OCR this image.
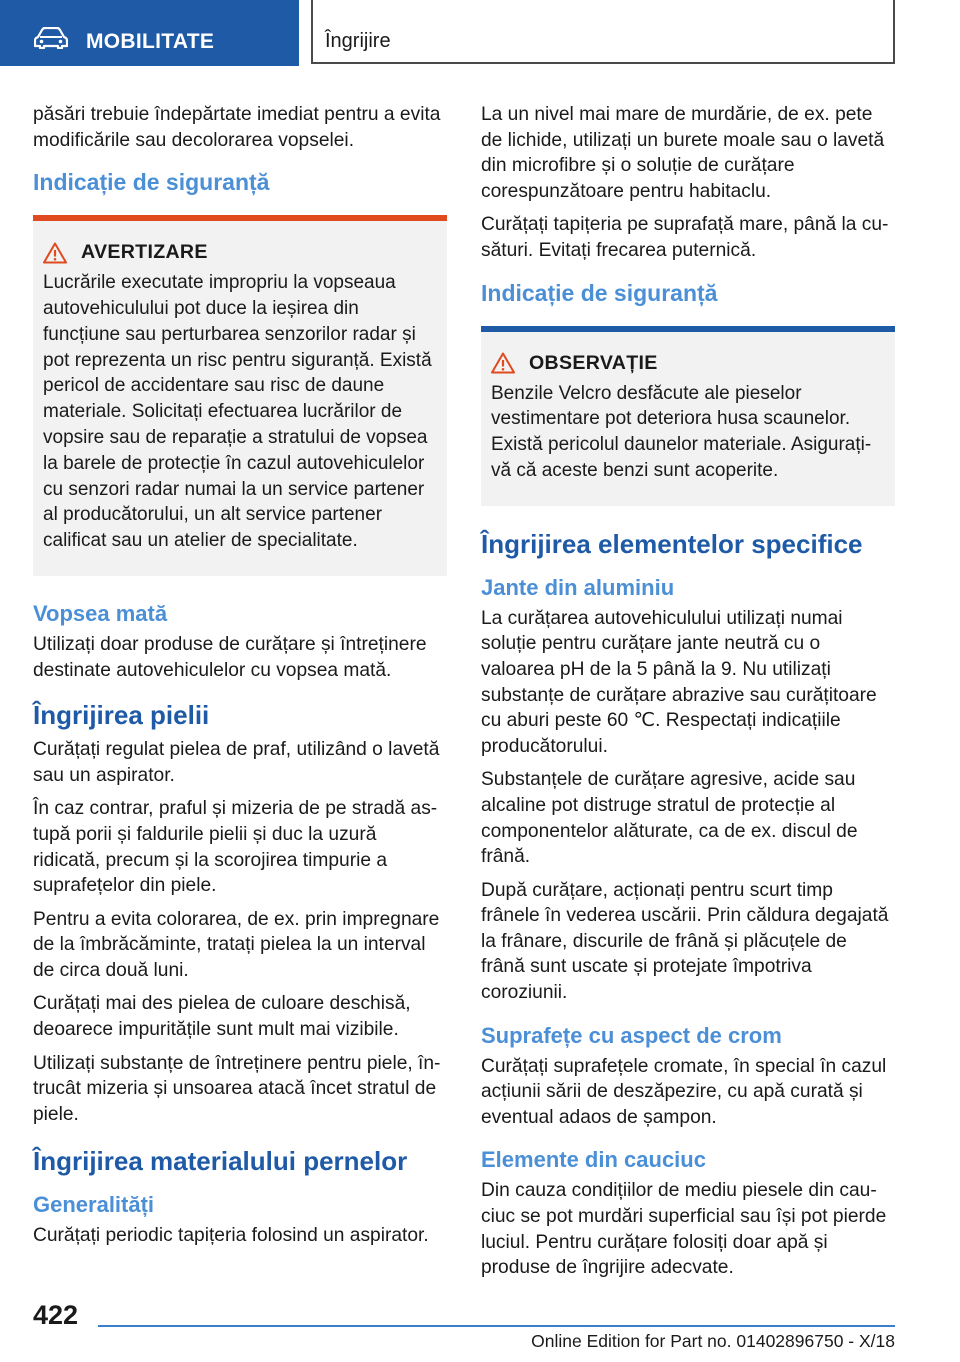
MOBILITATE	Îngrijire

păsări trebuie îndepărtate imediat pentru a evita modificările sau decolorarea vopselei.

Indicație de siguranță
AVERTIZARE

Lucrările executate impropriu la vopseaua autovehiculului pot duce la ieșirea din funcțiune sau perturbarea senzorilor radar și pot reprezenta un risc pentru siguranță. Există pericol de accidentare sau risc de daune materiale. Solicitați efectuarea lucrărilor de vopsire sau de reparație a stratului de vopsea la barele de protecție în cazul autovehiculelor cu senzori radar numai la un service partener al producătorului, un alt service partener calificat sau un atelier de specialitate.

Vopsea mată

Utilizați doar produse de curățare și întreținere destinate autovehiculelor cu vopsea mată.

Îngrijirea pielii

Curățați regulat pielea de praf, utilizând o lavetă sau un aspirator.

În caz contrar, praful și mizeria de pe stradă astupă porii și faldurile pielii și duc la uzură ridicată, precum și la scorojirea timpurie a suprafețelor din piele.

Pentru a evita colorarea, de ex. prin impregnare de la îmbrăcăminte, tratați pielea la un interval de circa două luni.

Curățați mai des pielea de culoare deschisă, deoarece impuritățile sunt mult mai vizibile.

Utilizați substanțe de întreținere pentru piele, întrucât mizeria și unsoarea atacă încet stratul de piele.

Îngrijirea materialului pernelor
Generalități

Curățați periodic tapițeria folosind un aspirator.

La un nivel mai mare de murdărie, de ex. pete de lichide, utilizați un burete moale sau o lavetă din microfibre și o soluție de curățare corespunzătoare pentru habitaclu.

Curățați tapițeria pe suprafață mare, până la cusături. Evitați frecarea puternică.

Indicație de siguranță
OBSERVAȚIE

Benzile Velcro desfăcute ale pieselor vestimentare pot deteriora husa scaunelor. Există pericolul daunelor materiale. Asigurați-vă că aceste benzi sunt acoperite.

Îngrijirea elementelor specifice
Jante din aluminiu

La curățarea autovehiculului utilizați numai soluție pentru curățare jante neutră cu o valoarea pH de la 5 până la 9. Nu utilizați substanțe de curățare abrazive sau curățitoare cu aburi peste 60 ℃. Respectați indicațiile producătorului.

Substanțele de curățare agresive, acide sau alcaline pot distruge stratul de protecție al componentelor alăturate, ca de ex. discul de frână.

După curățare, acționați pentru scurt timp frânele în vederea uscării. Prin căldura degajată la frânare, discurile de frână și plăcuțele de frână sunt uscate și protejate împotriva coroziunii.

Suprafețe cu aspect de crom

Curățați suprafețele cromate, în special în cazul acțiunii sării de deszăpezire, cu apă curată și eventual adaos de șampon.

Elemente din cauciuc

Din cauza condițiilor de mediu piesele din cauciuc se pot murdări superficial sau își pot pierde luciul. Pentru curățare folosiți doar apă și produse de îngrijire adecvate.

422
Online Edition for Part no. 01402896750 - X/18
